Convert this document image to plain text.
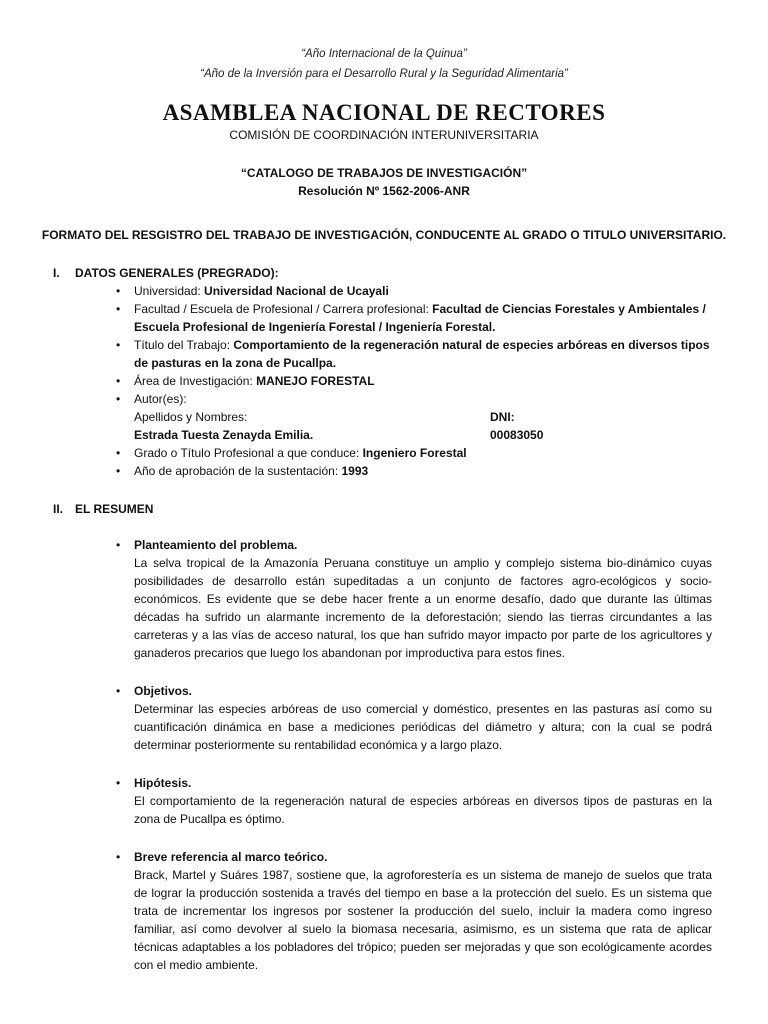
“Año Internacional de la Quinua”
“Año de la Inversión para el Desarrollo Rural y la Seguridad Alimentaria”
ASAMBLEA NACIONAL DE RECTORES
COMISIÓN DE COORDINACIÓN INTERUNIVERSITARIA
“CATALOGO DE TRABAJOS DE INVESTIGACIÓN”
Resolución Nº 1562-2006-ANR
FORMATO DEL RESGISTRO DEL TRABAJO DE INVESTIGACIÓN, CONDUCENTE AL GRADO O TITULO UNIVERSITARIO.
I. DATOS GENERALES (PREGRADO):
• Universidad: Universidad Nacional de Ucayali
• Facultad / Escuela de Profesional / Carrera profesional: Facultad de Ciencias Forestales y Ambientales / Escuela Profesional de Ingeniería Forestal / Ingeniería Forestal.
• Título del Trabajo: Comportamiento de la regeneración natural de especies arbóreas en diversos tipos de pasturas en la zona de Pucallpa.
• Área de Investigación: MANEJO FORESTAL
• Autor(es):
Apellidos y Nombres:	DNI:
Estrada Tuesta Zenayda Emilia.	00083050
• Grado o Título Profesional a que conduce: Ingeniero Forestal
• Año de aprobación de la sustentación: 1993
II. EL RESUMEN
• Planteamiento del problema.
La selva tropical de la Amazonía Peruana constituye un amplio y complejo sistema bio-dinámico cuyas posibilidades de desarrollo están supeditadas a un conjunto de factores agro-ecológicos y socio-económicos. Es evidente que se debe hacer frente a un enorme desafío, dado que durante las últimas décadas ha sufrido un alarmante incremento de la deforestación; siendo las tierras circundantes a las carreteras y a las vías de acceso natural, los que han sufrido mayor impacto por parte de los agricultores y ganaderos precarios que luego los abandonan por improductiva para estos fines.
• Objetivos.
Determinar las especies arbóreas de uso comercial y doméstico, presentes en las pasturas así como su cuantificación dinámica en base a mediciones periódicas del diámetro y altura; con la cual se podrá determinar posteriormente su rentabilidad económica y a largo plazo.
• Hipótesis.
El comportamiento de la regeneración natural de especies arbóreas en diversos tipos de pasturas en la zona de Pucallpa es óptimo.
• Breve referencia al marco teórico.
Brack, Martel y Suáres 1987, sostiene que, la agroforestería es un sistema de manejo de suelos que trata de lograr la producción sostenida a través del tiempo en base a la protección del suelo. Es un sistema que trata de incrementar los ingresos por sostener la producción del suelo, incluir la madera como ingreso familiar, así como devolver al suelo la biomasa necesaria, asimismo, es un sistema que rata de aplicar técnicas adaptables a los pobladores del trópico; pueden ser mejoradas y que son ecológicamente acordes con el medio ambiente.
